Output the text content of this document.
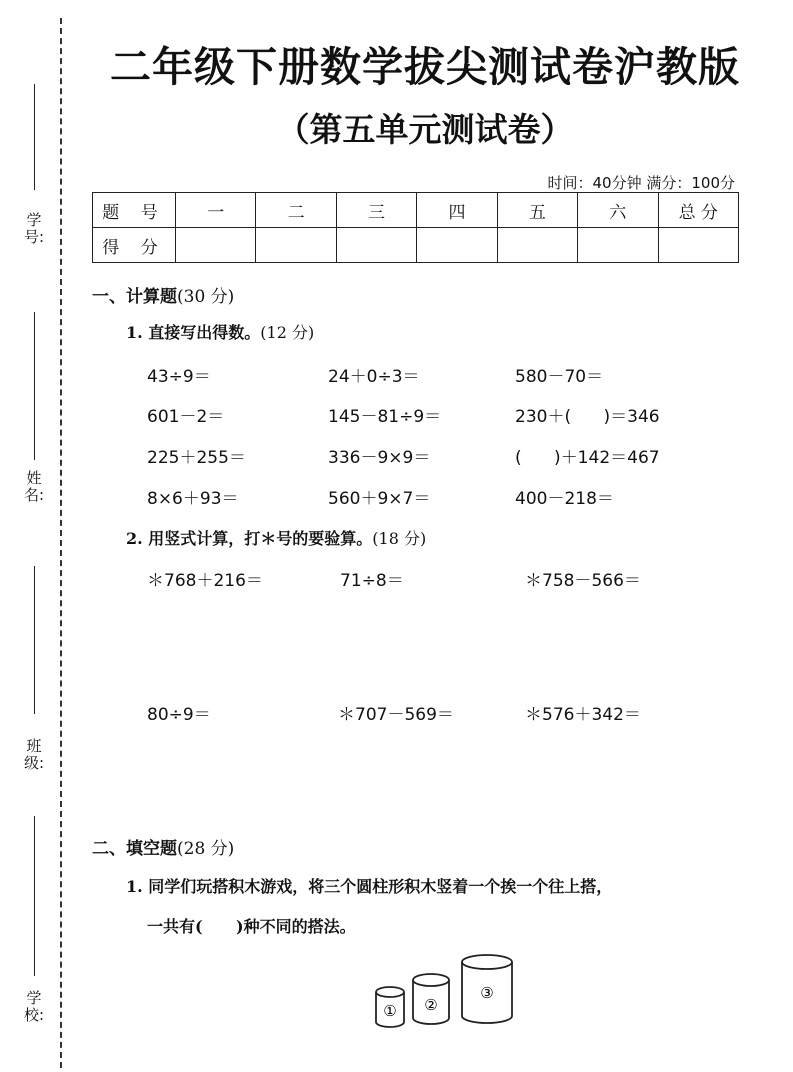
学号:
姓名:
班级:
学校:
二年级下册数学拔尖测试卷沪教版
（第五单元测试卷）
时间：40分钟 满分：100分
题 号	一	二	三	四	五	六	总 分
得 分							
一、计算题(30 分)
1. 直接写出得数。(12 分)
43÷9＝	24＋0÷3＝	580－70＝
601－2＝	145－81÷9＝	230＋(      )＝346
225＋255＝	336－9×9＝	(      )＋142＝467
8×6＋93＝	560＋9×7＝	400－218＝
2. 用竖式计算，打＊号的要验算。(18 分)
＊768＋216＝	71÷8＝	＊758－566＝
80÷9＝	＊707－569＝	＊576＋342＝
二、填空题(28 分)
1. 同学们玩搭积木游戏，将三个圆柱形积木竖着一个挨一个往上搭，
一共有(      )种不同的搭法。
① ②
③
